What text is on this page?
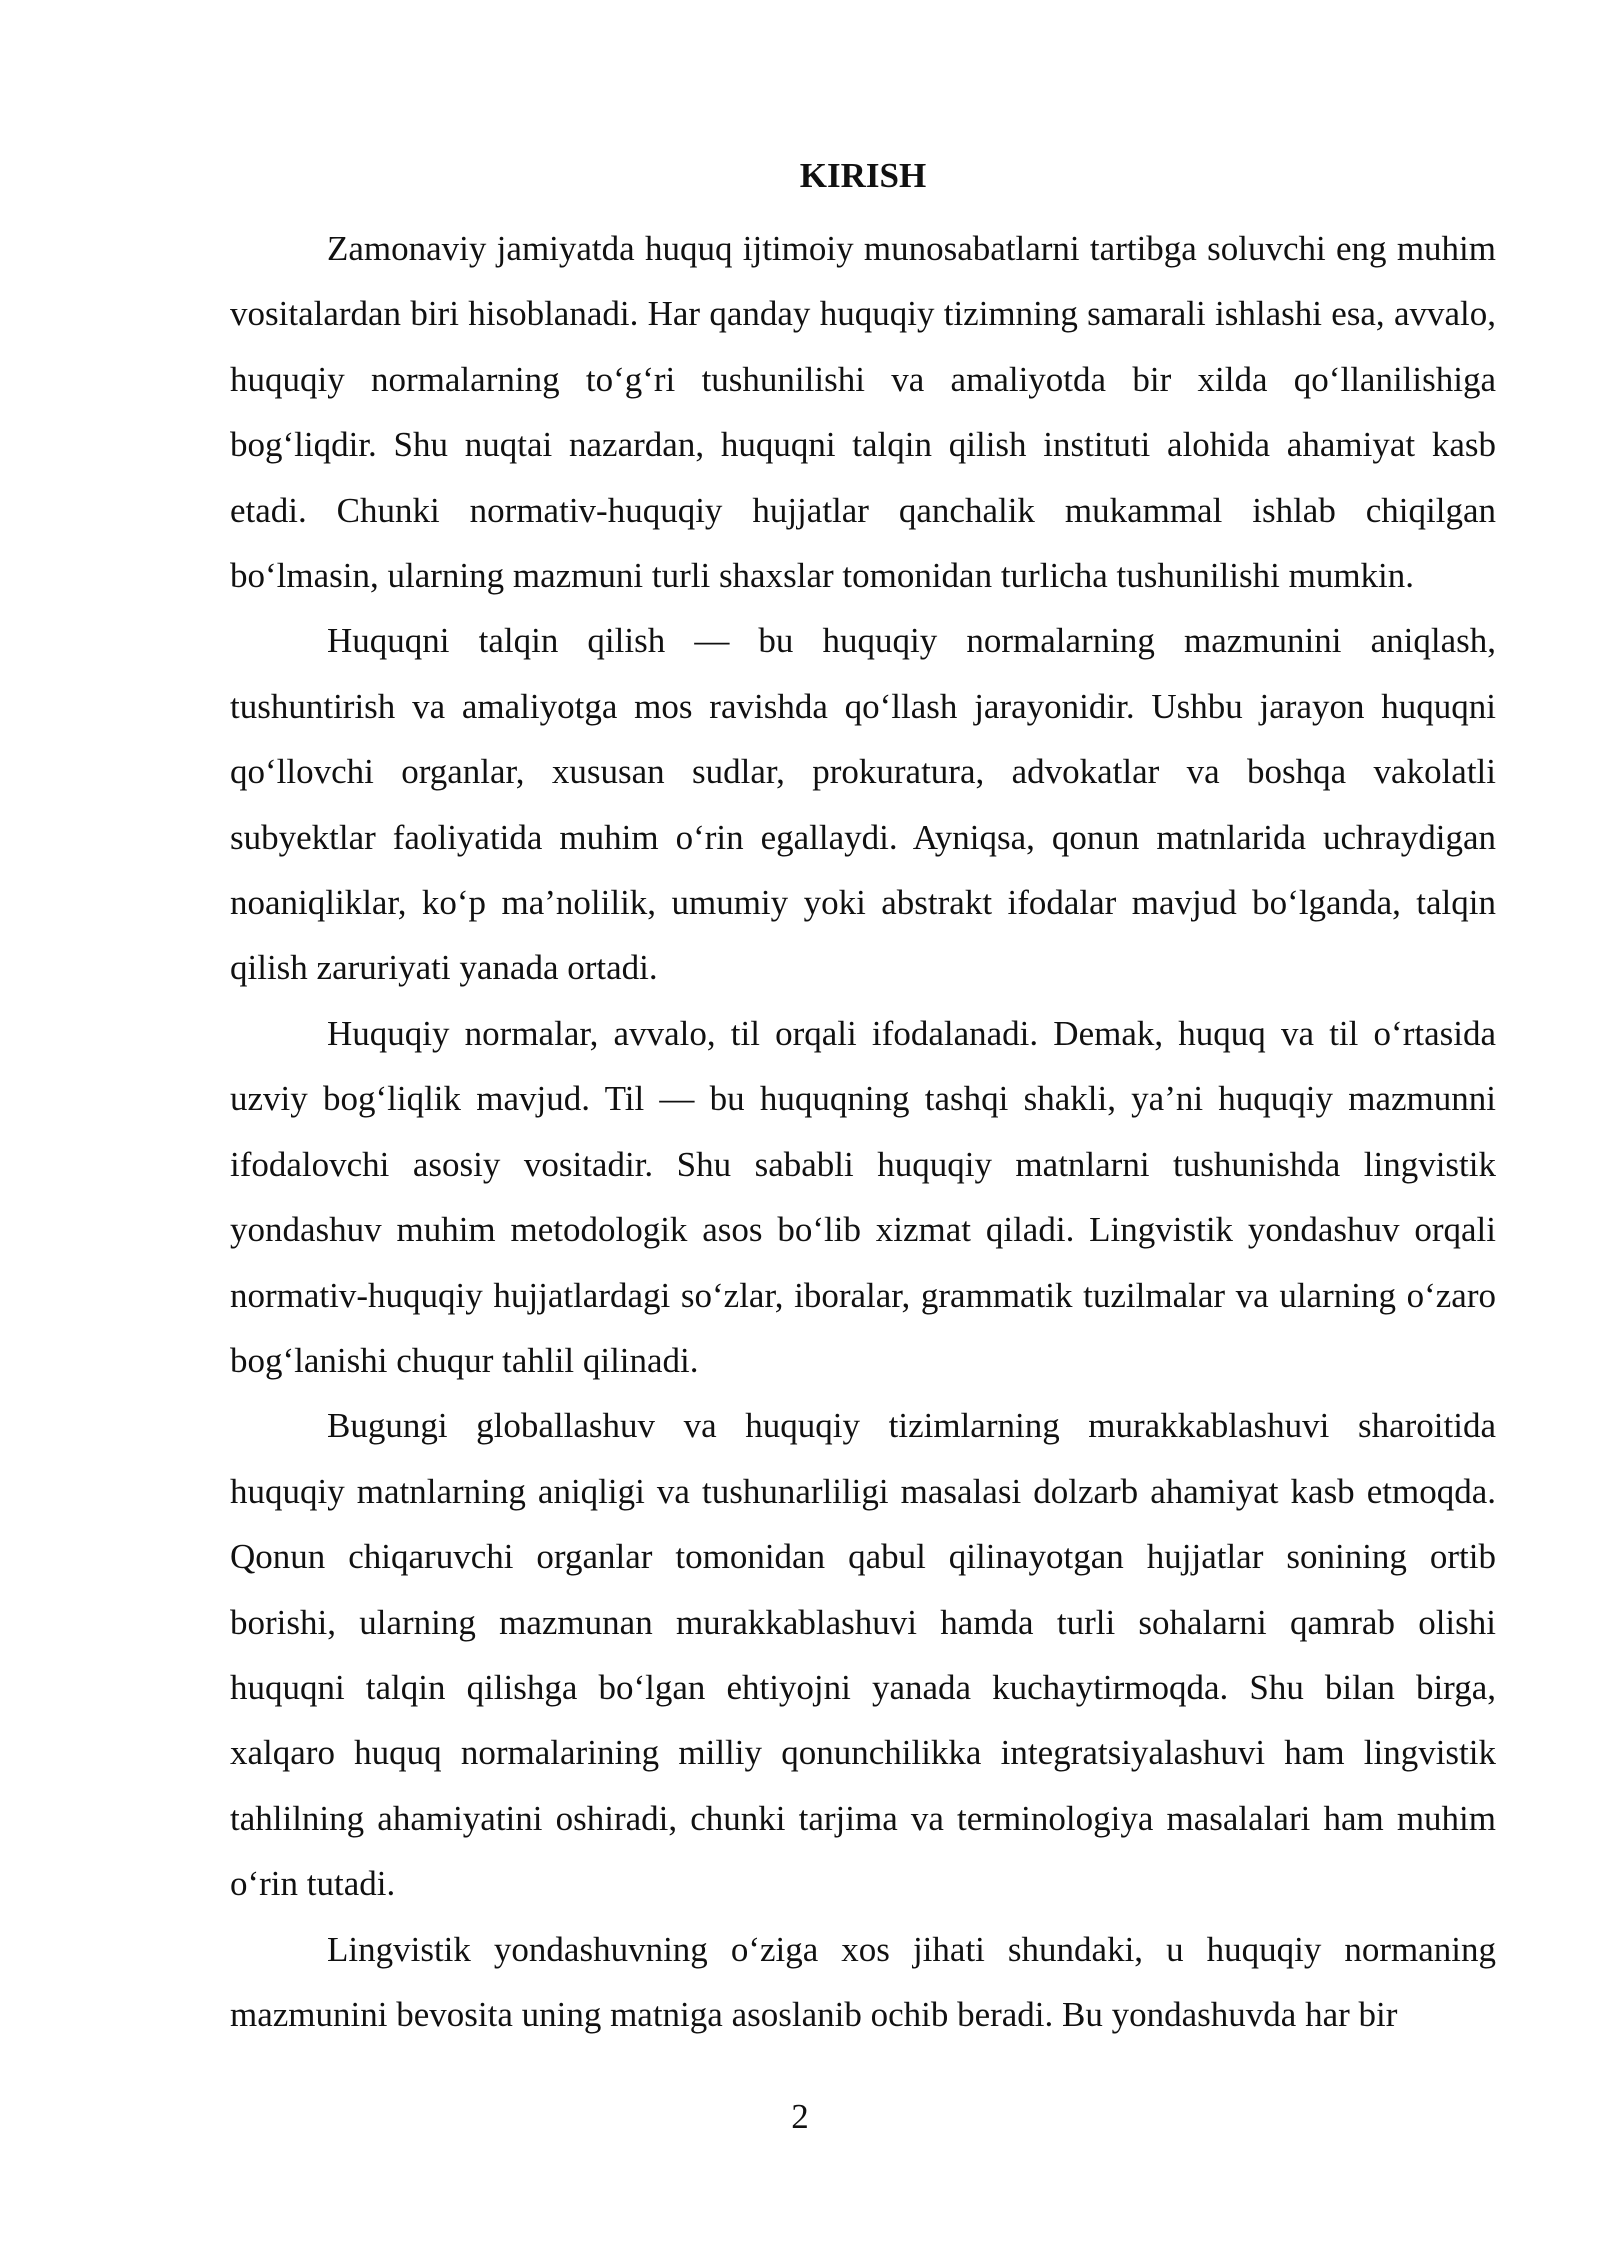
KIRISH

Zamonaviy jamiyatda huquq ijtimoiy munosabatlarni tartibga soluvchi eng muhim vositalardan biri hisoblanadi. Har qanday huquqiy tizimning samarali ishlashi esa, avvalo, huquqiy normalarning to‘g‘ri tushunilishi va amaliyotda bir xilda qo‘llanilishiga bog‘liqdir. Shu nuqtai nazardan, huquqni talqin qilish instituti alohida ahamiyat kasb etadi. Chunki normativ-huquqiy hujjatlar qanchalik mukammal ishlab chiqilgan bo‘lmasin, ularning mazmuni turli shaxslar tomonidan turlicha tushunilishi mumkin.

Huquqni talqin qilish — bu huquqiy normalarning mazmunini aniqlash, tushuntirish va amaliyotga mos ravishda qo‘llash jarayonidir. Ushbu jarayon huquqni qo‘llovchi organlar, xususan sudlar, prokuratura, advokatlar va boshqa vakolatli subyektlar faoliyatida muhim o‘rin egallaydi. Ayniqsa, qonun matnlarida uchraydigan noaniqliklar, ko‘p ma’nolilik, umumiy yoki abstrakt ifodalar mavjud bo‘lganda, talqin qilish zaruriyati yanada ortadi.

Huquqiy normalar, avvalo, til orqali ifodalanadi. Demak, huquq va til o‘rtasida uzviy bog‘liqlik mavjud. Til — bu huquqning tashqi shakli, ya’ni huquqiy mazmunni ifodalovchi asosiy vositadir. Shu sababli huquqiy matnlarni tushunishda lingvistik yondashuv muhim metodologik asos bo‘lib xizmat qiladi. Lingvistik yondashuv orqali normativ-huquqiy hujjatlardagi so‘zlar, iboralar, grammatik tuzilmalar va ularning o‘zaro bog‘lanishi chuqur tahlil qilinadi.

Bugungi globallashuv va huquqiy tizimlarning murakkablashuvi sharoitida huquqiy matnlarning aniqligi va tushunarliligi masalasi dolzarb ahamiyat kasb etmoqda. Qonun chiqaruvchi organlar tomonidan qabul qilinayotgan hujjatlar sonining ortib borishi, ularning mazmunan murakkablashuvi hamda turli sohalarni qamrab olishi huquqni talqin qilishga bo‘lgan ehtiyojni yanada kuchaytirmoqda. Shu bilan birga, xalqaro huquq normalarining milliy qonunchilikka integratsiyalashuvi ham lingvistik tahlilning ahamiyatini oshiradi, chunki tarjima va terminologiya masalalari ham muhim o‘rin tutadi.

Lingvistik yondashuvning o‘ziga xos jihati shundaki, u huquqiy normaning mazmunini bevosita uning matniga asoslanib ochib beradi. Bu yondashuvda har bir

2
